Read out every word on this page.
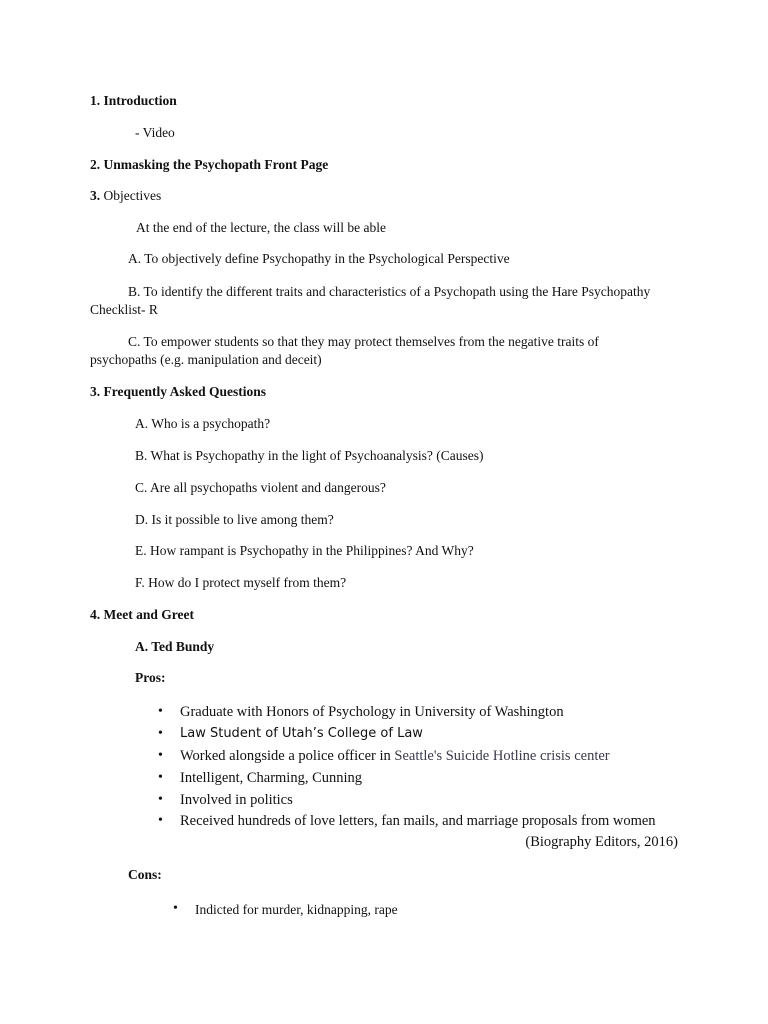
1. Introduction
- Video
2. Unmasking the Psychopath Front Page
3. Objectives
At the end of the lecture, the class will be able
A. To objectively define Psychopathy in the Psychological Perspective
B. To identify the different traits and characteristics of a Psychopath using the Hare Psychopathy
Checklist- R
C. To empower students so that they may protect themselves from the negative traits of
psychopaths (e.g. manipulation and deceit)
3. Frequently Asked Questions
A. Who is a psychopath?
B. What is Psychopathy in the light of Psychoanalysis? (Causes)
C. Are all psychopaths violent and dangerous?
D. Is it possible to live among them?
E. How rampant is Psychopathy in the Philippines? And Why?
F. How do I protect myself from them?
4. Meet and Greet
A. Ted Bundy
Pros:
• Graduate with Honors of Psychology in University of Washington
• Law Student of Utah’s College of Law
• Worked alongside a police officer in Seattle's Suicide Hotline crisis center
• Intelligent, Charming, Cunning
• Involved in politics
• Received hundreds of love letters, fan mails, and marriage proposals from women
(Biography Editors, 2016)
Cons:
• Indicted for murder, kidnapping, rape
